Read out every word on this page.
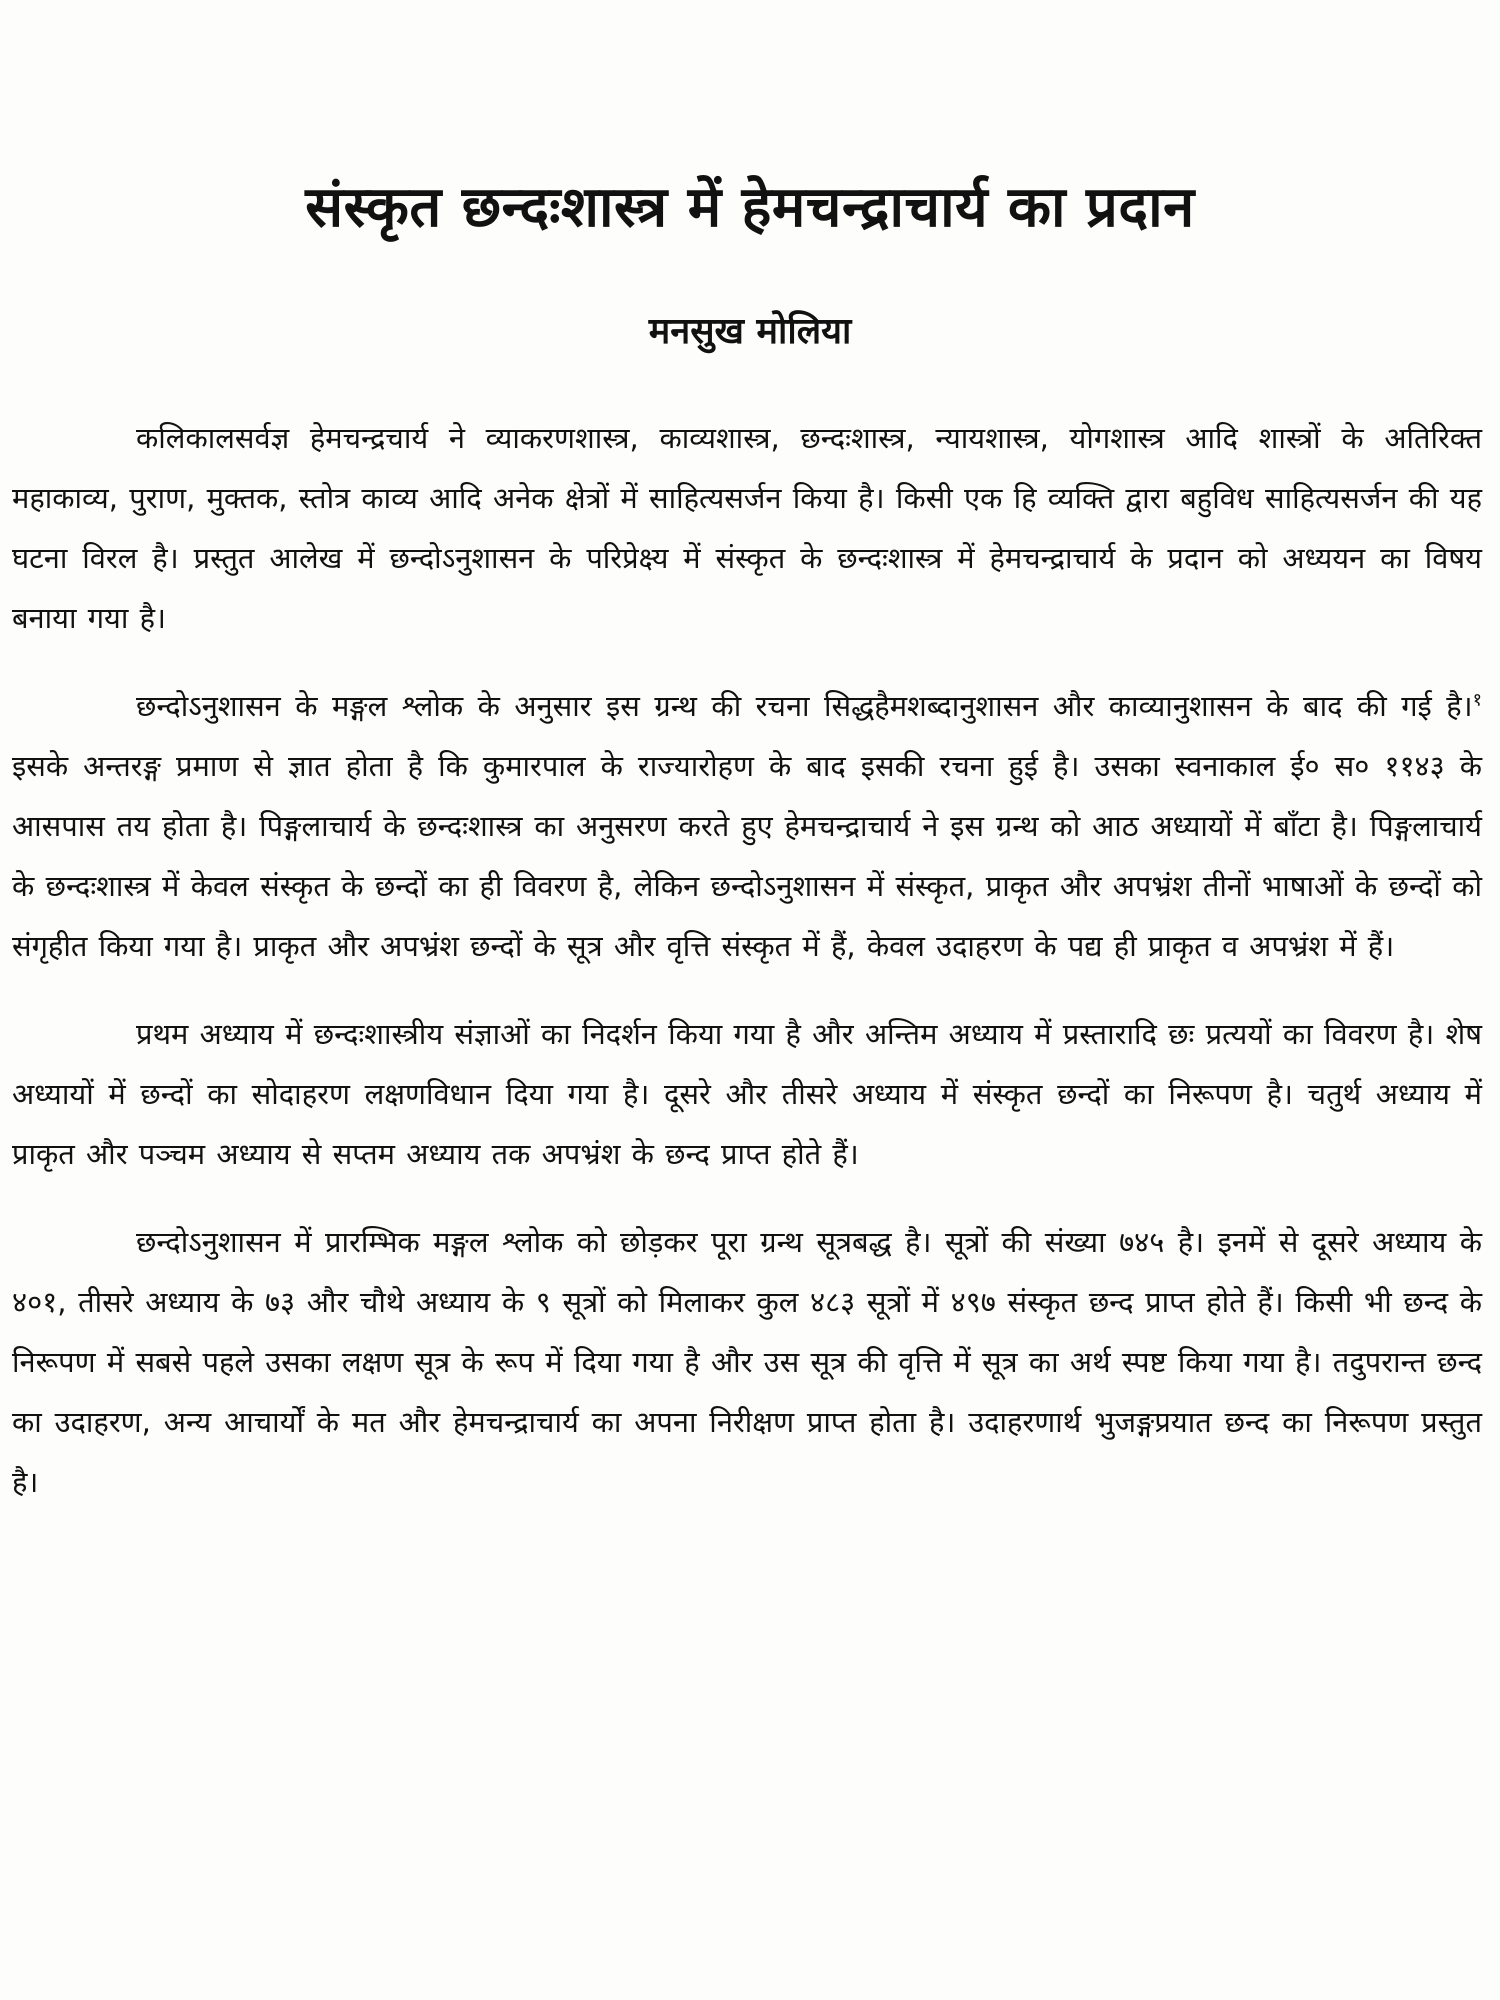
संस्कृत छन्दःशास्त्र में हेमचन्द्राचार्य का प्रदान
मनसुख मोलिया

कलिकालसर्वज्ञ हेमचन्द्रचार्य ने व्याकरणशास्त्र, काव्यशास्त्र, छन्दःशास्त्र, न्यायशास्त्र, योगशास्त्र आदि शास्त्रों के अतिरिक्त महाकाव्य, पुराण, मुक्तक, स्तोत्र काव्य आदि अनेक क्षेत्रों में साहित्यसर्जन किया है। किसी एक हि व्यक्ति द्वारा बहुविध साहित्यसर्जन की यह घटना विरल है। प्रस्तुत आलेख में छन्दोऽनुशासन के परिप्रेक्ष्य में संस्कृत के छन्दःशास्त्र में हेमचन्द्राचार्य के प्रदान को अध्ययन का विषय बनाया गया है।

छन्दोऽनुशासन के मङ्गल श्लोक के अनुसार इस ग्रन्थ की रचना सिद्धहैमशब्दानुशासन और काव्यानुशासन के बाद की गई है।$^१$ इसके अन्तरङ्ग प्रमाण से ज्ञात होता है कि कुमारपाल के राज्यारोहण के बाद इसकी रचना हुई है। उसका स्वनाकाल ई० स० ११४३ के आसपास तय होता है। पिङ्गलाचार्य के छन्दःशास्त्र का अनुसरण करते हुए हेमचन्द्राचार्य ने इस ग्रन्थ को आठ अध्यायों में बाँटा है। पिङ्गलाचार्य के छन्दःशास्त्र में केवल संस्कृत के छन्दों का ही विवरण है, लेकिन छन्दोऽनुशासन में संस्कृत, प्राकृत और अपभ्रंश तीनों भाषाओं के छन्दों को संगृहीत किया गया है। प्राकृत और अपभ्रंश छन्दों के सूत्र और वृत्ति संस्कृत में हैं, केवल उदाहरण के पद्य ही प्राकृत व अपभ्रंश में हैं।

प्रथम अध्याय में छन्दःशास्त्रीय संज्ञाओं का निदर्शन किया गया है और अन्तिम अध्याय में प्रस्तारादि छः प्रत्ययों का विवरण है। शेष अध्यायों में छन्दों का सोदाहरण लक्षणविधान दिया गया है। दूसरे और तीसरे अध्याय में संस्कृत छन्दों का निरूपण है। चतुर्थ अध्याय में प्राकृत और पञ्चम अध्याय से सप्तम अध्याय तक अपभ्रंश के छन्द प्राप्त होते हैं।

छन्दोऽनुशासन में प्रारम्भिक मङ्गल श्लोक को छोड़कर पूरा ग्रन्थ सूत्रबद्ध है। सूत्रों की संख्या ७४५ है। इनमें से दूसरे अध्याय के ४०१, तीसरे अध्याय के ७३ और चौथे अध्याय के ९ सूत्रों को मिलाकर कुल ४८३ सूत्रों में ४९७ संस्कृत छन्द प्राप्त होते हैं। किसी भी छन्द के निरूपण में सबसे पहले उसका लक्षण सूत्र के रूप में दिया गया है और उस सूत्र की वृत्ति में सूत्र का अर्थ स्पष्ट किया गया है। तदुपरान्त छन्द का उदाहरण, अन्य आचार्यों के मत और हेमचन्द्राचार्य का अपना निरीक्षण प्राप्त होता है। उदाहरणार्थ भुजङ्गप्रयात छन्द का निरूपण प्रस्तुत है।
